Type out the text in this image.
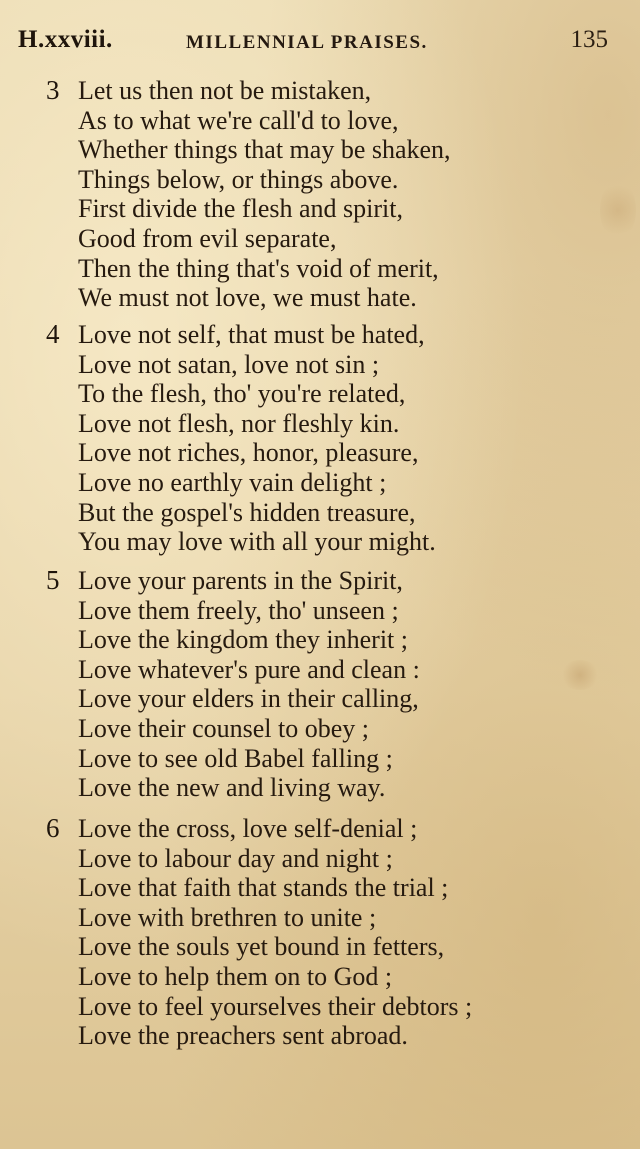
H.xxviii.	MILLENNIAL PRAISES.	135
3 Let us then not be mistaken,
As to what we're call'd to love,
Whether things that may be shaken,
Things below, or things above.
First divide the flesh and spirit,
Good from evil separate,
Then the thing that's void of merit,
We must not love, we must hate.
4 Love not self, that must be hated,
Love not satan, love not sin ;
To the flesh, tho' you're related,
Love not flesh, nor fleshly kin.
Love not riches, honor, pleasure,
Love no earthly vain delight ;
But the gospel's hidden treasure,
You may love with all your might.
5 Love your parents in the Spirit,
Love them freely, tho' unseen ;
Love the kingdom they inherit ;
Love whatever's pure and clean :
Love your elders in their calling,
Love their counsel to obey ;
Love to see old Babel falling ;
Love the new and living way.
6 Love the cross, love self-denial ;
Love to labour day and night ;
Love that faith that stands the trial ;
Love with brethren to unite ;
Love the souls yet bound in fetters,
Love to help them on to God ;
Love to feel yourselves their debtors ;
Love the preachers sent abroad.
